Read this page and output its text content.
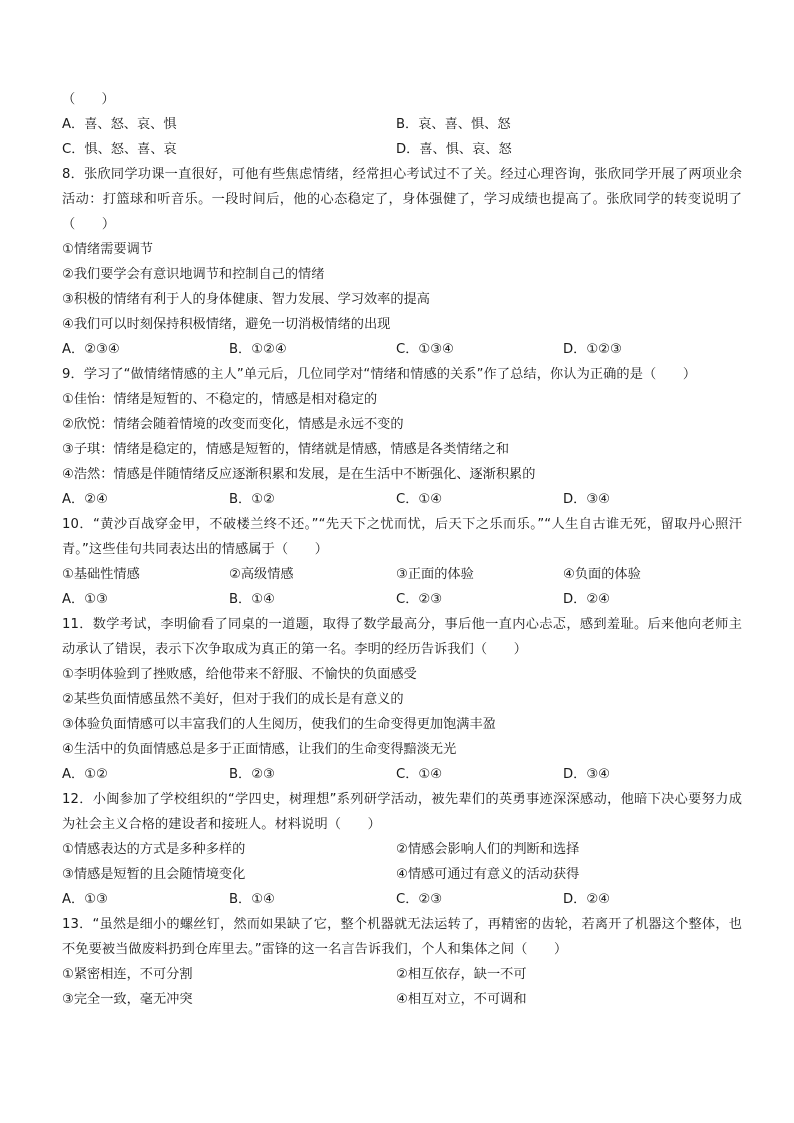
（　　）
A．喜、怒、哀、惧	B．哀、喜、惧、怒
C．惧、怒、喜、哀	D．喜、惧、哀、怒
8．张欣同学功课一直很好，可他有些焦虑情绪，经常担心考试过不了关。经过心理咨询，张欣同学开展了两项业余活动：打篮球和听音乐。一段时间后，他的心态稳定了，身体强健了，学习成绩也提高了。张欣同学的转变说明了（　　）
①情绪需要调节
②我们要学会有意识地调节和控制自己的情绪
③积极的情绪有利于人的身体健康、智力发展、学习效率的提高
④我们可以时刻保持积极情绪，避免一切消极情绪的出现
A．②③④	B．①②④	C．①③④	D．①②③
9．学习了“做情绪情感的主人”单元后，几位同学对“情绪和情感的关系”作了总结，你认为正确的是（　　）
①佳怡：情绪是短暂的、不稳定的，情感是相对稳定的
②欣悦：情绪会随着情境的改变而变化，情感是永远不变的
③子琪：情绪是稳定的，情感是短暂的，情绪就是情感，情感是各类情绪之和
④浩然：情感是伴随情绪反应逐渐积累和发展，是在生活中不断强化、逐渐积累的
A．②④	B．①②	C．①④	D．③④
10．“黄沙百战穿金甲，不破楼兰终不还。”“先天下之忧而忧，后天下之乐而乐。”“人生自古谁无死，留取丹心照汗青。”这些佳句共同表达出的情感属于（　　）
①基础性情感	②高级情感	③正面的体验	④负面的体验
A．①③	B．①④	C．②③	D．②④
11．数学考试，李明偷看了同桌的一道题，取得了数学最高分，事后他一直内心忐忑，感到羞耻。后来他向老师主动承认了错误，表示下次争取成为真正的第一名。李明的经历告诉我们（　　）
①李明体验到了挫败感，给他带来不舒服、不愉快的负面感受
②某些负面情感虽然不美好，但对于我们的成长是有意义的
③体验负面情感可以丰富我们的人生阅历，使我们的生命变得更加饱满丰盈
④生活中的负面情感总是多于正面情感，让我们的生命变得黯淡无光
A．①②	B．②③	C．①④	D．③④
12．小闽参加了学校组织的“学四史，树理想”系列研学活动，被先辈们的英勇事迹深深感动，他暗下决心要努力成为社会主义合格的建设者和接班人。材料说明（　　）
①情感表达的方式是多种多样的	②情感会影响人们的判断和选择
③情感是短暂的且会随情境变化	④情感可通过有意义的活动获得
A．①③	B．①④	C．②③	D．②④
13．“虽然是细小的螺丝钉，然而如果缺了它，整个机器就无法运转了，再精密的齿轮，若离开了机器这个整体，也不免要被当做废料扔到仓库里去。”雷锋的这一名言告诉我们，个人和集体之间（　　）
①紧密相连，不可分割	②相互依存，缺一不可
③完全一致，毫无冲突	④相互对立，不可调和
